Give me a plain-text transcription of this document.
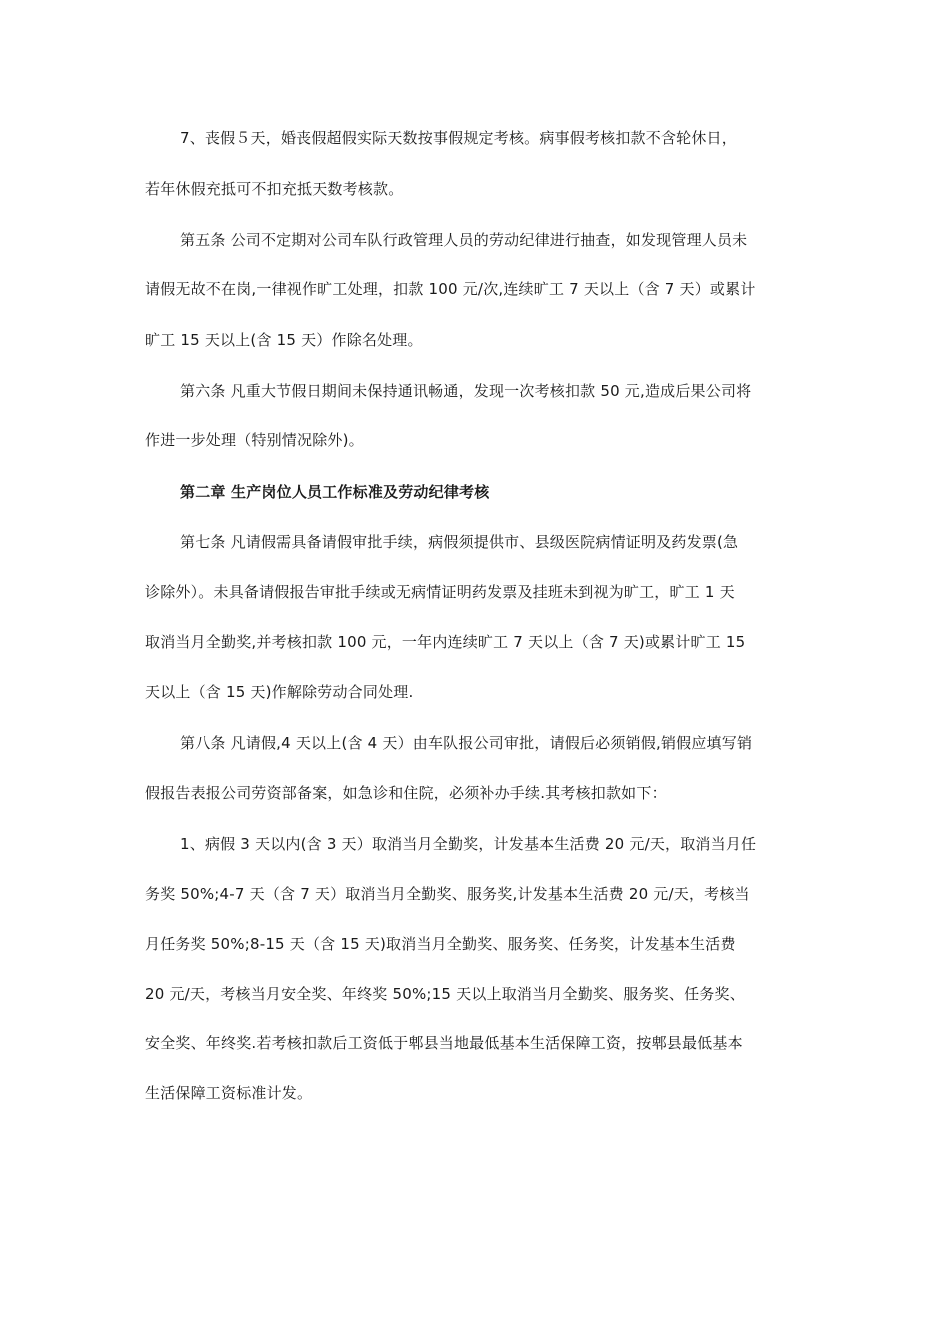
7、丧假５天，婚丧假超假实际天数按事假规定考核。病事假考核扣款不含轮休日，
若年休假充抵可不扣充抵天数考核款。
第五条 公司不定期对公司车队行政管理人员的劳动纪律进行抽查，如发现管理人员未
请假无故不在岗,一律视作旷工处理，扣款 100 元/次,连续旷工 7 天以上（含 7 天）或累计
旷工 15 天以上(含 15 天）作除名处理。
第六条 凡重大节假日期间未保持通讯畅通，发现一次考核扣款 50 元,造成后果公司将
作进一步处理（特别情况除外)。
第二章 生产岗位人员工作标准及劳动纪律考核
第七条 凡请假需具备请假审批手续，病假须提供市、县级医院病情证明及药发票(急
诊除外）。未具备请假报告审批手续或无病情证明药发票及挂班未到视为旷工，旷工 1 天
取消当月全勤奖,并考核扣款 100 元，一年内连续旷工 7 天以上（含 7 天)或累计旷工 15
天以上（含 15 天)作解除劳动合同处理.
第八条 凡请假,4 天以上(含 4 天）由车队报公司审批，请假后必须销假,销假应填写销
假报告表报公司劳资部备案，如急诊和住院，必须补办手续.其考核扣款如下：
1、病假 3 天以内(含 3 天）取消当月全勤奖，计发基本生活费 20 元/天，取消当月任
务奖 50%;4-7 天（含 7 天）取消当月全勤奖、服务奖,计发基本生活费 20 元/天，考核当
月任务奖 50%;8-15 天（含 15 天)取消当月全勤奖、服务奖、任务奖，计发基本生活费
20 元/天，考核当月安全奖、年终奖 50%;15 天以上取消当月全勤奖、服务奖、任务奖、
安全奖、年终奖.若考核扣款后工资低于郫县当地最低基本生活保障工资，按郫县最低基本
生活保障工资标准计发。
